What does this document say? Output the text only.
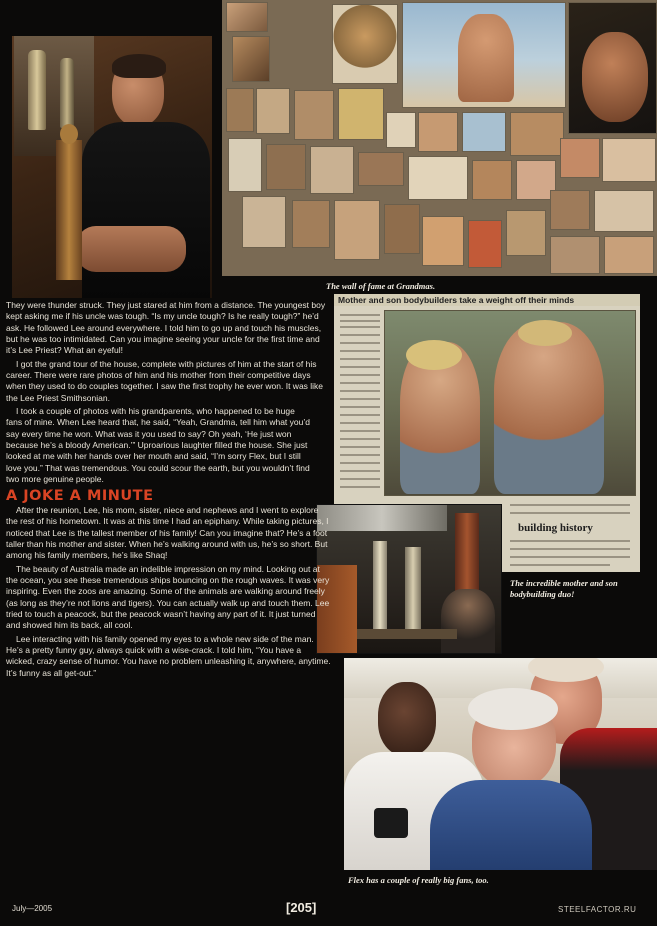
The wall of fame at Grandmas.
Mother and son bodybuilders take a weight off their minds
building history
The incredible mother and son bodybuilding duo!
Flex has a couple of really big fans, too.

They were thunder struck. They just stared at him from a distance. The youngest boy kept asking me if his uncle was tough. “Is my uncle tough? Is he really tough?” he’d ask. He followed Lee around everywhere. I told him to go up and touch his muscles, but he was too intimidated. Can you imagine seeing your uncle for the first time and it’s Lee Priest? What an eyeful!

I got the grand tour of the house, complete with pictures of him at the start of his career. There were rare photos of him and his mother from their competitive days when they used to do couples together. I saw the first trophy he ever won. It was like the Lee Priest Smithsonian.

I took a couple of photos with his grandparents, who happened to be huge fans of mine. When Lee heard that, he said, “Yeah, Grandma, tell him what you’d say every time he won. What was it you used to say? Oh yeah, ‘He just won because he’s a bloody American.’” Uproarious laughter filled the house. She just looked at me with her hands over her mouth and said, “I’m sorry Flex, but I still love you.” That was tremendous. You could scour the earth, but you wouldn’t find two more genuine people.

A JOKE A MINUTE

After the reunion, Lee, his mom, sister, niece and nephews and I went to explore the rest of his hometown. It was at this time I had an epiphany. While taking pictures, I noticed that Lee is the tallest member of his family! Can you imagine that? He’s a foot taller than his mother and sister. When he’s walking around with us, he’s so short. But among his family members, he’s like Shaq!

The beauty of Australia made an indelible impression on my mind. Looking out at the ocean, you see these tremendous ships bouncing on the rough waves. It was very inspiring. Even the zoos are amazing. Some of the animals are walking around freely (as long as they’re not lions and tigers). You can actually walk up and touch them. Lee tried to touch a peacock, but the peacock wasn’t having any part of it. It just turned and showed him its back, all cool.

Lee interacting with his family opened my eyes to a whole new side of the man. He’s a pretty funny guy, always quick with a wise-crack. I told him, “You have a wicked, crazy sense of humor. You have no problem unleashing it, anywhere, anytime. It’s funny as all get-out.”

July—2005	[205]	STEELFACTOR.RU
